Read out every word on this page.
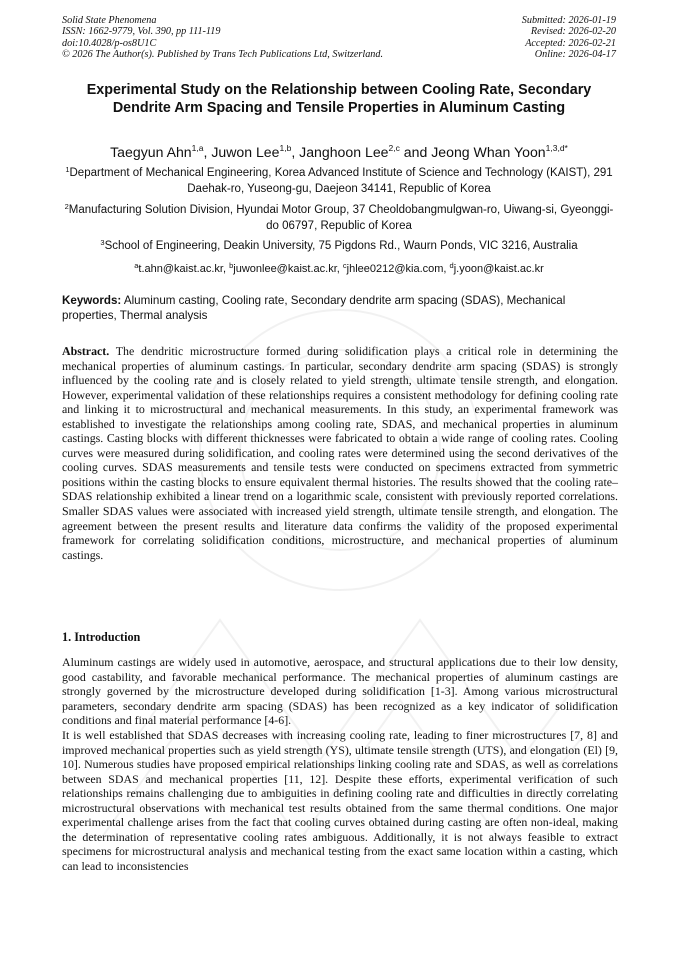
Solid State Phenomena
ISSN: 1662-9779, Vol. 390, pp 111-119
doi:10.4028/p-os8U1C
© 2026 The Author(s). Published by Trans Tech Publications Ltd, Switzerland.
Submitted: 2026-01-19
Revised: 2026-02-20
Accepted: 2026-02-21
Online: 2026-04-17
Experimental Study on the Relationship between Cooling Rate, Secondary Dendrite Arm Spacing and Tensile Properties in Aluminum Casting
Taegyun Ahn$^{1,a}$, Juwon Lee$^{1,b}$, Janghoon Lee$^{2,c}$ and Jeong Whan Yoon$^{1,3,d*}$
$^1$Department of Mechanical Engineering, Korea Advanced Institute of Science and Technology (KAIST), 291 Daehak-ro, Yuseong-gu, Daejeon 34141, Republic of Korea
$^2$Manufacturing Solution Division, Hyundai Motor Group, 37 Cheoldobangmulgwan-ro, Uiwang-si, Gyeonggi-do 06797, Republic of Korea
$^3$School of Engineering, Deakin University, 75 Pigdons Rd., Waurn Ponds, VIC 3216, Australia
$^a$t.ahn@kaist.ac.kr, $^b$juwonlee@kaist.ac.kr, $^c$jhlee0212@kia.com, $^d$j.yoon@kaist.ac.kr
Keywords: Aluminum casting, Cooling rate, Secondary dendrite arm spacing (SDAS), Mechanical properties, Thermal analysis

Abstract. The dendritic microstructure formed during solidification plays a critical role in determining the mechanical properties of aluminum castings. In particular, secondary dendrite arm spacing (SDAS) is strongly influenced by the cooling rate and is closely related to yield strength, ultimate tensile strength, and elongation. However, experimental validation of these relationships requires a consistent methodology for defining cooling rate and linking it to microstructural and mechanical measurements. In this study, an experimental framework was established to investigate the relationships among cooling rate, SDAS, and mechanical properties in aluminum castings. Casting blocks with different thicknesses were fabricated to obtain a wide range of cooling rates. Cooling curves were measured during solidification, and cooling rates were determined using the second derivatives of the cooling curves. SDAS measurements and tensile tests were conducted on specimens extracted from symmetric positions within the casting blocks to ensure equivalent thermal histories. The results showed that the cooling rate–SDAS relationship exhibited a linear trend on a logarithmic scale, consistent with previously reported correlations. Smaller SDAS values were associated with increased yield strength, ultimate tensile strength, and elongation. The agreement between the present results and literature data confirms the validity of the proposed experimental framework for correlating solidification conditions, microstructure, and mechanical properties of aluminum castings.

1. Introduction

Aluminum castings are widely used in automotive, aerospace, and structural applications due to their low density, good castability, and favorable mechanical performance. The mechanical properties of aluminum castings are strongly governed by the microstructure developed during solidification [1-3]. Among various microstructural parameters, secondary dendrite arm spacing (SDAS) has been recognized as a key indicator of solidification conditions and final material performance [4-6].

It is well established that SDAS decreases with increasing cooling rate, leading to finer microstructures [7, 8] and improved mechanical properties such as yield strength (YS), ultimate tensile strength (UTS), and elongation (El) [9, 10]. Numerous studies have proposed empirical relationships linking cooling rate and SDAS, as well as correlations between SDAS and mechanical properties [11, 12]. Despite these efforts, experimental verification of such relationships remains challenging due to ambiguities in defining cooling rate and difficulties in directly correlating microstructural observations with mechanical test results obtained from the same thermal conditions. One major experimental challenge arises from the fact that cooling curves obtained during casting are often non-ideal, making the determination of representative cooling rates ambiguous. Additionally, it is not always feasible to extract specimens for microstructural analysis and mechanical testing from the exact same location within a casting, which can lead to inconsistencies
